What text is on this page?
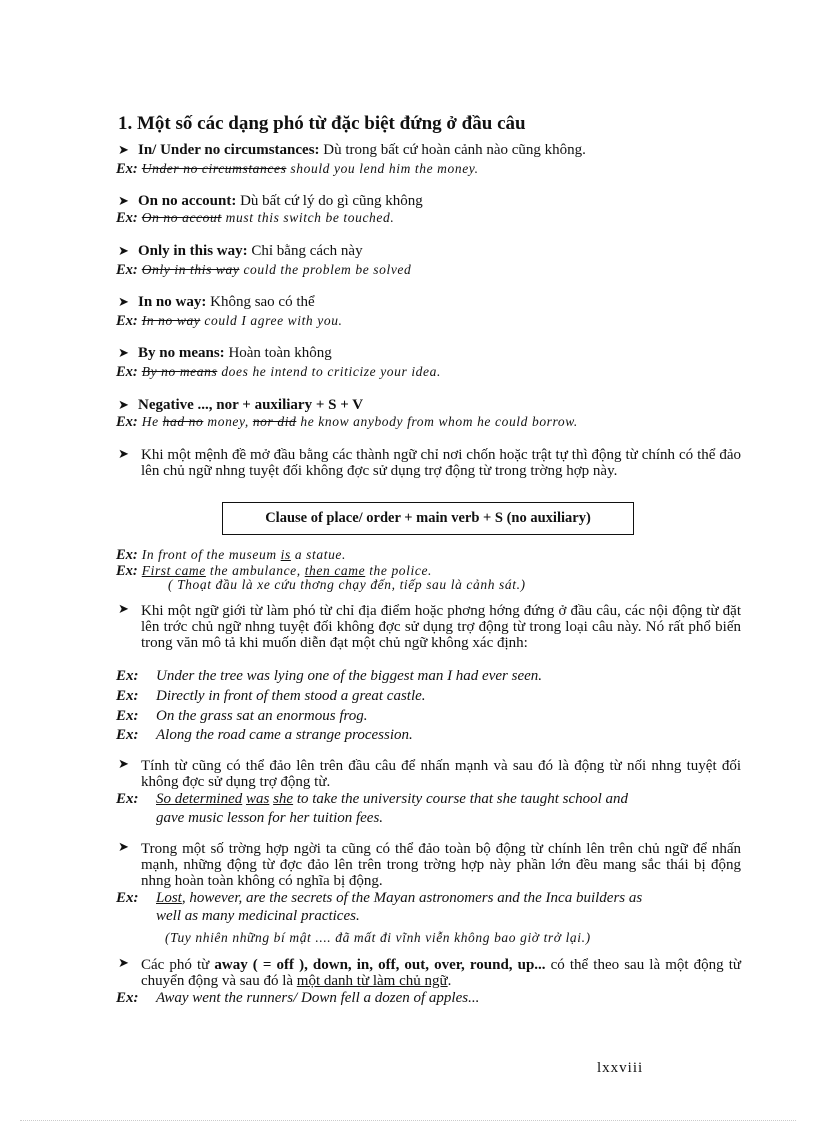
1. Một số các dạng phó từ đặc biệt đứng ở đầu câu
➤ In/ Under no circumstances: Dù trong bất cứ hoàn cảnh nào cũng không.
Ex: Under no circumstances should you lend him the money.
➤ On no account: Dù bất cứ lý do gì cũng không
Ex: On no accout must this switch be touched.
➤ Only in this way: Chỉ bằng cách này
Ex: Only in this way could the problem be solved
➤ In no way: Không sao có thể
Ex: In no way could I agree with you.
➤ By no means: Hoàn toàn không
Ex: By no means does he intend to criticize your idea.
➤ Negative ..., nor + auxiliary + S + V
Ex: He had no money, nor did he know anybody from whom he could borrow.
➤ Khi một mệnh đề mở đầu bằng các thành ngữ chỉ nơi chốn hoặc trật tự thì động từ chính có thể đảo lên chủ ngữ nhng tuyệt đối không đợc sử dụng trợ động từ trong trờng hợp này.
Clause of place/ order + main verb + S (no auxiliary)
Ex: In front of the museum is a statue.
Ex: First came the ambulance, then came the police.
( Thoạt đầu là xe cứu thơng chạy đến, tiếp sau là cảnh sát.)
➤ Khi một ngữ giới từ làm phó từ chỉ địa điểm hoặc phơng hớng đứng ở đầu câu, các nội động từ đặt lên trớc chủ ngữ nhng tuyệt đối không đợc sử dụng trợ động từ trong loại câu này. Nó rất phổ biến trong văn mô tả khi muốn diễn đạt một chủ ngữ không xác định:
Ex: Under the tree was lying one of the biggest man I had ever seen.
Ex: Directly in front of them stood a great castle.
Ex: On the grass sat an enormous frog.
Ex: Along the road came a strange procession.
➤ Tính từ cũng có thể đảo lên trên đầu câu để nhấn mạnh và sau đó là động từ nối nhng tuyệt đối không đợc sử dụng trợ động từ.
Ex: So determined was she to take the university course that she taught school and
gave music lesson for her tuition fees.
➤ Trong một số trờng hợp ngời ta cũng có thể đảo toàn bộ động từ chính lên trên chủ ngữ để nhấn mạnh, những động từ đợc đảo lên trên trong trờng hợp này phần lớn đều mang sắc thái bị động nhng hoàn toàn không có nghĩa bị động.
Ex: Lost, however, are the secrets of the Mayan astronomers and the Inca builders as
well as many medicinal practices.
(Tuy nhiên những bí mật .... đã mất đi vĩnh viễn không bao giờ trở lại.)
➤ Các phó từ away ( = off ), down, in, off, out, over, round, up... có thể theo sau là một động từ chuyển động và sau đó là một danh từ làm chủ ngữ.
Ex: Away went the runners/ Down fell a dozen of apples...
lxxviii
